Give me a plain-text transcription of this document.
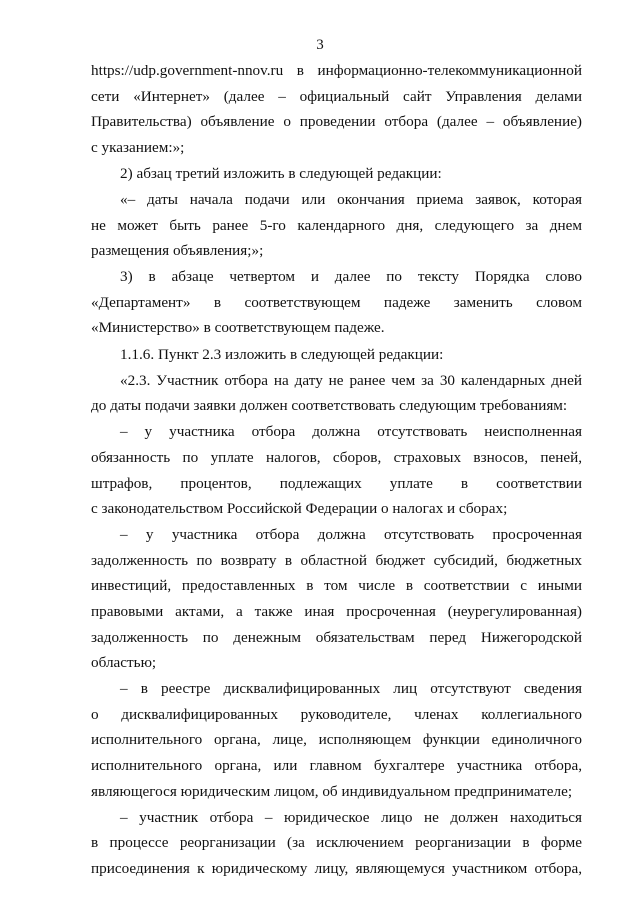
3
https://udp.government-nnov.ru в информационно-телекоммуникационной
сети «Интернет» (далее – официальный сайт Управления делами
Правительства) объявление о проведении отбора (далее – объявление)
с указанием:»;
2) абзац третий изложить в следующей редакции:
«– даты начала подачи или окончания приема заявок, которая
не может быть ранее 5-го календарного дня, следующего за днем
размещения объявления;»;
3) в абзаце четвертом и далее по тексту Порядка слово
«Департамент» в соответствующем падеже заменить словом
«Министерство» в соответствующем падеже.
1.1.6. Пункт 2.3 изложить в следующей редакции:
«2.3. Участник отбора на дату не ранее чем за 30 календарных дней
до даты подачи заявки должен соответствовать следующим требованиям:
– у участника отбора должна отсутствовать неисполненная
обязанность по уплате налогов, сборов, страховых взносов, пеней,
штрафов, процентов, подлежащих уплате в соответствии
с законодательством Российской Федерации о налогах и сборах;
– у участника отбора должна отсутствовать просроченная
задолженность по возврату в областной бюджет субсидий, бюджетных
инвестиций, предоставленных в том числе в соответствии с иными
правовыми актами, а также иная просроченная (неурегулированная)
задолженность по денежным обязательствам перед Нижегородской
областью;
– в реестре дисквалифицированных лиц отсутствуют сведения
о дисквалифицированных руководителе, членах коллегиального
исполнительного органа, лице, исполняющем функции единоличного
исполнительного органа, или главном бухгалтере участника отбора,
являющегося юридическим лицом, об индивидуальном предпринимателе;
– участник отбора – юридическое лицо не должен находиться
в процессе реорганизации (за исключением реорганизации в форме
присоединения к юридическому лицу, являющемуся участником отбора,
